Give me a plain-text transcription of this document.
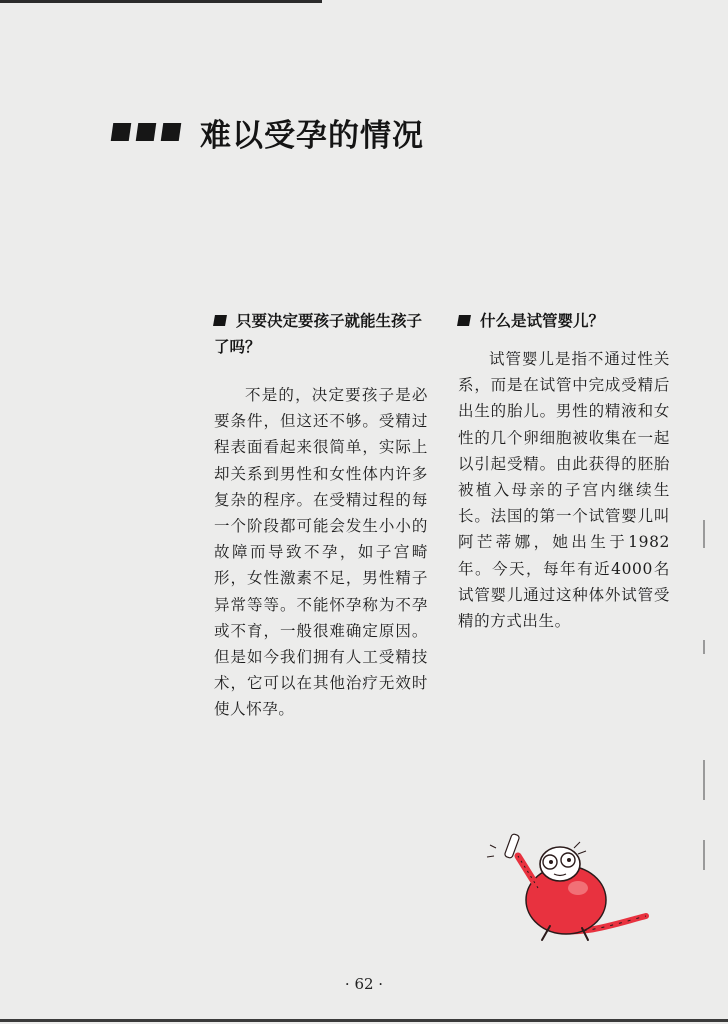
难以受孕的情况

只要决定要孩子就能生孩子了吗？

不是的，决定要孩子是必要条件，但这还不够。受精过程表面看起来很简单，实际上却关系到男性和女性体内许多复杂的程序。在受精过程的每一个阶段都可能会发生小小的故障而导致不孕，如子宫畸形，女性激素不足，男性精子异常等等。不能怀孕称为不孕或不育，一般很难确定原因。但是如今我们拥有人工受精技术，它可以在其他治疗无效时使人怀孕。

什么是试管婴儿？

试管婴儿是指不通过性关系，而是在试管中完成受精后出生的胎儿。男性的精液和女性的几个卵细胞被收集在一起以引起受精。由此获得的胚胎被植入母亲的子宫内继续生长。法国的第一个试管婴儿叫阿芒蒂娜，她出生于1982年。今天，每年有近4000名试管婴儿通过这种体外试管受精的方式出生。

· 62 ·
